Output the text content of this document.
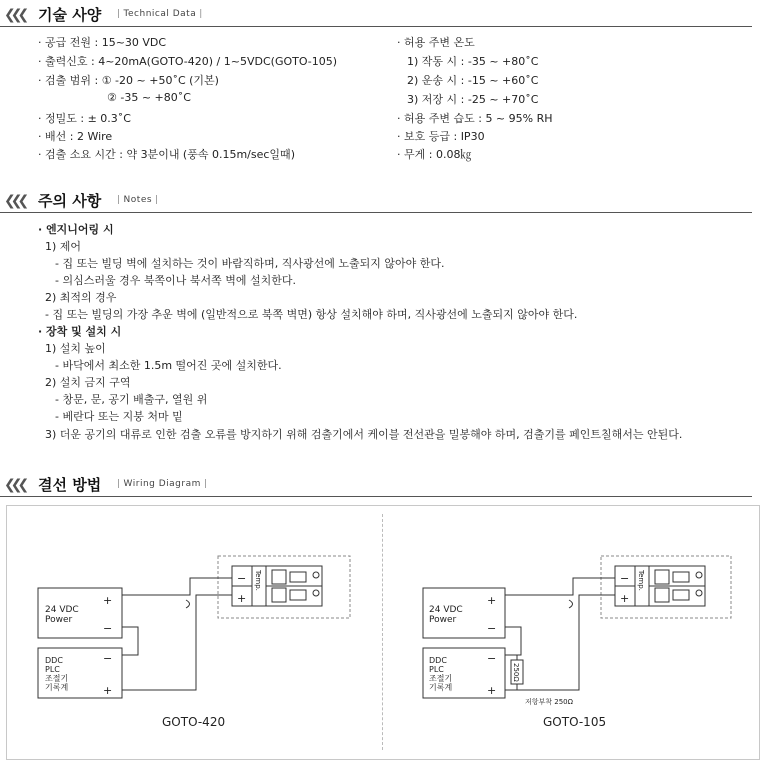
❮❮❮ 기술 사양	| Technical Data |
· 공급 전원 : 15~30 VDC
· 출력신호 : 4~20mA(GOTO-420) / 1~5VDC(GOTO-105)
· 검출 범위 : ① -20 ~ +50˚C (기본)
② -35 ~ +80˚C
· 정밀도 : ± 0.3˚C
· 배선 : 2 Wire
· 검출 소요 시간 : 약 3분이내 (풍속 0.15m/sec일때)
· 허용 주변 온도
1) 작동 시 : -35 ~ +80˚C
2) 운송 시 : -15 ~ +60˚C
3) 저장 시 : -25 ~ +70˚C
· 허용 주변 습도 : 5 ~ 95% RH
· 보호 등급 : IP30
· 무게 : 0.08㎏
❮❮❮ 주의 사항	| Notes |
· 엔지니어링 시
1) 제어
- 집 또는 빌딩 벽에 설치하는 것이 바람직하며, 직사광선에 노출되지 않아야 한다.
- 의심스러울 경우 북쪽이나 북서쪽 벽에 설치한다.
2) 최적의 경우
- 집 또는 빌딩의 가장 추운 벽에 (일반적으로 북쪽 벽면) 항상 설치해야 하며, 직사광선에 노출되지 않아야 한다.
· 장착 및 설치 시
1) 설치 높이
- 바닥에서 최소한 1.5m 떨어진 곳에 설치한다.
2) 설치 금지 구역
- 창문, 문, 공기 배출구, 열원 위
- 베란다 또는 지붕 처마 밑
3) 더운 공기의 대류로 인한 검출 오류를 방지하기 위해 검출기에서 케이블 전선관을 밀봉해야 하며, 검출기를 페인트칠해서는 안된다.
❮❮❮ 결선 방법	| Wiring Diagram |
24 VDC
Power
+
−
DDC
PLC
조절기
기록계
−
+
−
+
Temp.
GOTO-420
24 VDC
Power
+
−
DDC
PLC
조절기
기록계
−
+
250Ω
저항부착 250Ω
−
+
Temp.
GOTO-105
